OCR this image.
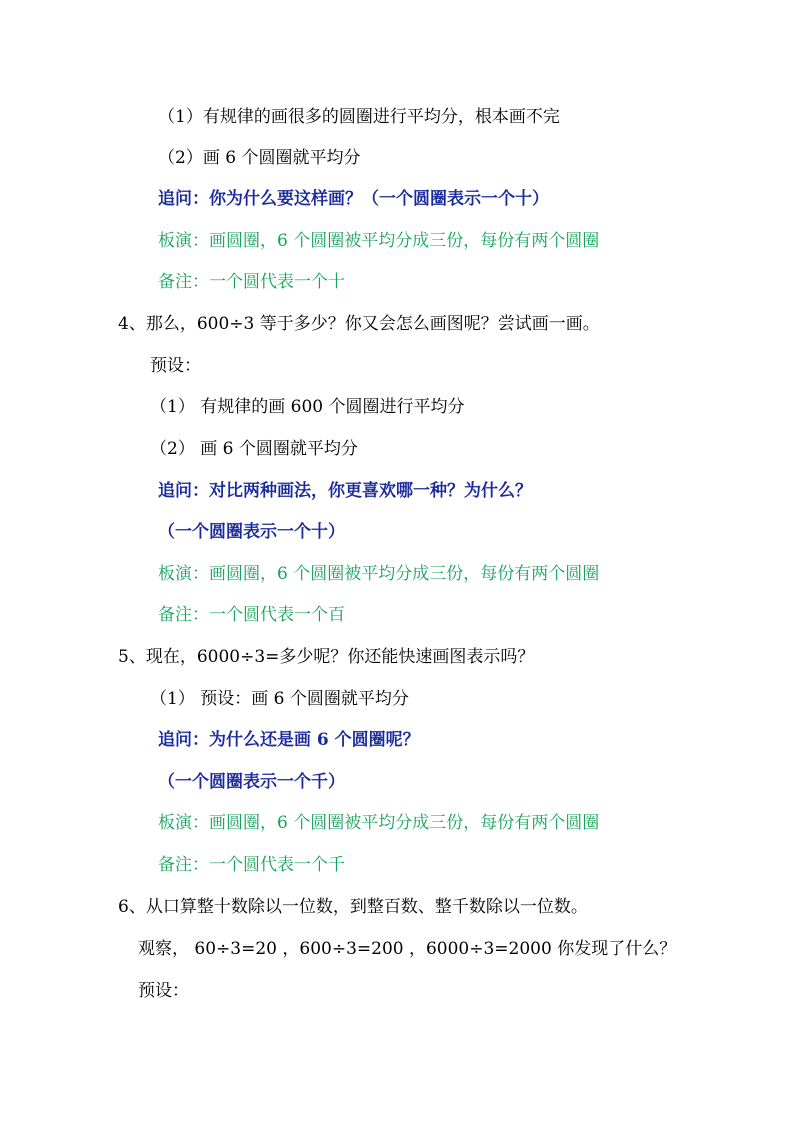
（1）有规律的画很多的圆圈进行平均分，根本画不完
（2）画 6 个圆圈就平均分
追问：你为什么要这样画？（一个圆圈表示一个十）
板演：画圆圈，6 个圆圈被平均分成三份，每份有两个圆圈
备注：一个圆代表一个十
4、那么，600÷3 等于多少？你又会怎么画图呢？尝试画一画。
预设：
（1） 有规律的画 600 个圆圈进行平均分
（2） 画 6 个圆圈就平均分
追问：对比两种画法，你更喜欢哪一种？为什么？
（一个圆圈表示一个十）
板演：画圆圈，6 个圆圈被平均分成三份，每份有两个圆圈
备注：一个圆代表一个百
5、现在，6000÷3=多少呢？你还能快速画图表示吗？
（1） 预设：画 6 个圆圈就平均分
追问：为什么还是画 6 个圆圈呢？
（一个圆圈表示一个千）
板演：画圆圈，6 个圆圈被平均分成三份，每份有两个圆圈
备注：一个圆代表一个千
6、从口算整十数除以一位数，到整百数、整千数除以一位数。
观察， 60÷3=20 ，600÷3=200 ，6000÷3=2000 你发现了什么？
预设：
